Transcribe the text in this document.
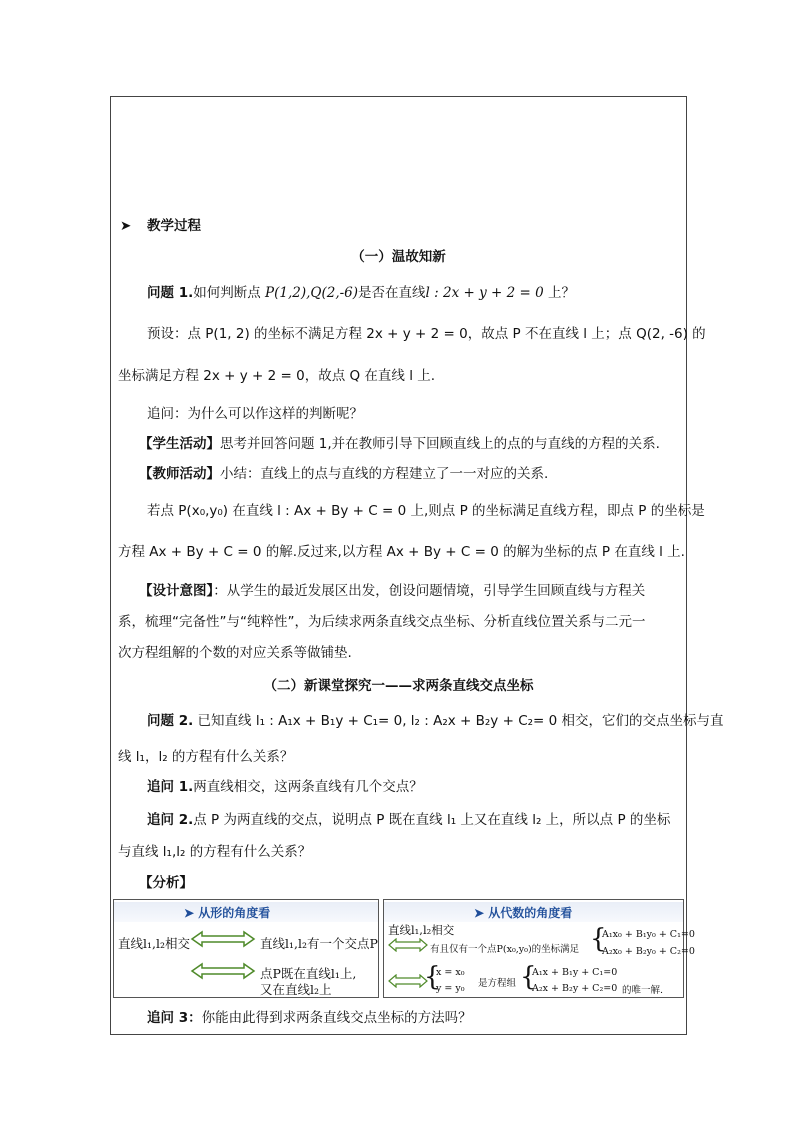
➤ 教学过程
（一）温故知新
问题 1.如何判断点 P(1,2),Q(2,-6)是否在直线l : 2x + y + 2 = 0 上？
预设：点 P(1, 2) 的坐标不满足方程 2x + y + 2 = 0，故点 P 不在直线 l 上；点 Q(2, -6) 的
坐标满足方程 2x + y + 2 = 0，故点 Q 在直线 l 上.
追问：为什么可以作这样的判断呢？
【学生活动】思考并回答问题 1,并在教师引导下回顾直线上的点的与直线的方程的关系.
【教师活动】小结：直线上的点与直线的方程建立了一一对应的关系.
若点 P(x₀,y₀) 在直线 l : Ax + By + C = 0 上,则点 P 的坐标满足直线方程，即点 P 的坐标是
方程 Ax + By + C = 0 的解.反过来,以方程 Ax + By + C = 0 的解为坐标的点 P 在直线 l 上.
【设计意图】：从学生的最近发展区出发，创设问题情境，引导学生回顾直线与方程关
系，梳理“完备性”与“纯粹性”，为后续求两条直线交点坐标、分析直线位置关系与二元一
次方程组解的个数的对应关系等做铺垫.
（二）新课堂探究一——求两条直线交点坐标
问题 2. 已知直线 l₁ : A₁x + B₁y + C₁= 0, l₂ : A₂x + B₂y + C₂= 0 相交，它们的交点坐标与直
线 l₁，l₂ 的方程有什么关系？
追问 1.两直线相交，这两条直线有几个交点？
追问 2.点 P 为两直线的交点，说明点 P 既在直线 l₁ 上又在直线 l₂ 上，所以点 P 的坐标
与直线 l₁,l₂ 的方程有什么关系？
【分析】
➤ 从形的角度看
直线l₁,l₂相交	直线l₁,l₂有一个交点P
点P既在直线l₁上,
又在直线l₂上
➤ 从代数的角度看
直线l₁,l₂相交
有且仅有一个点P(x₀,y₀)的坐标满足 {
A₁x₀ + B₁y₀ + C₁=0
A₂x₀ + B₂y₀ + C₂=0
{
x = x₀
y = y₀ 是方程组 {
A₁x + B₁y + C₁=0
A₂x + B₂y + C₂=0 的唯一解.
追问 3：你能由此得到求两条直线交点坐标的方法吗？
